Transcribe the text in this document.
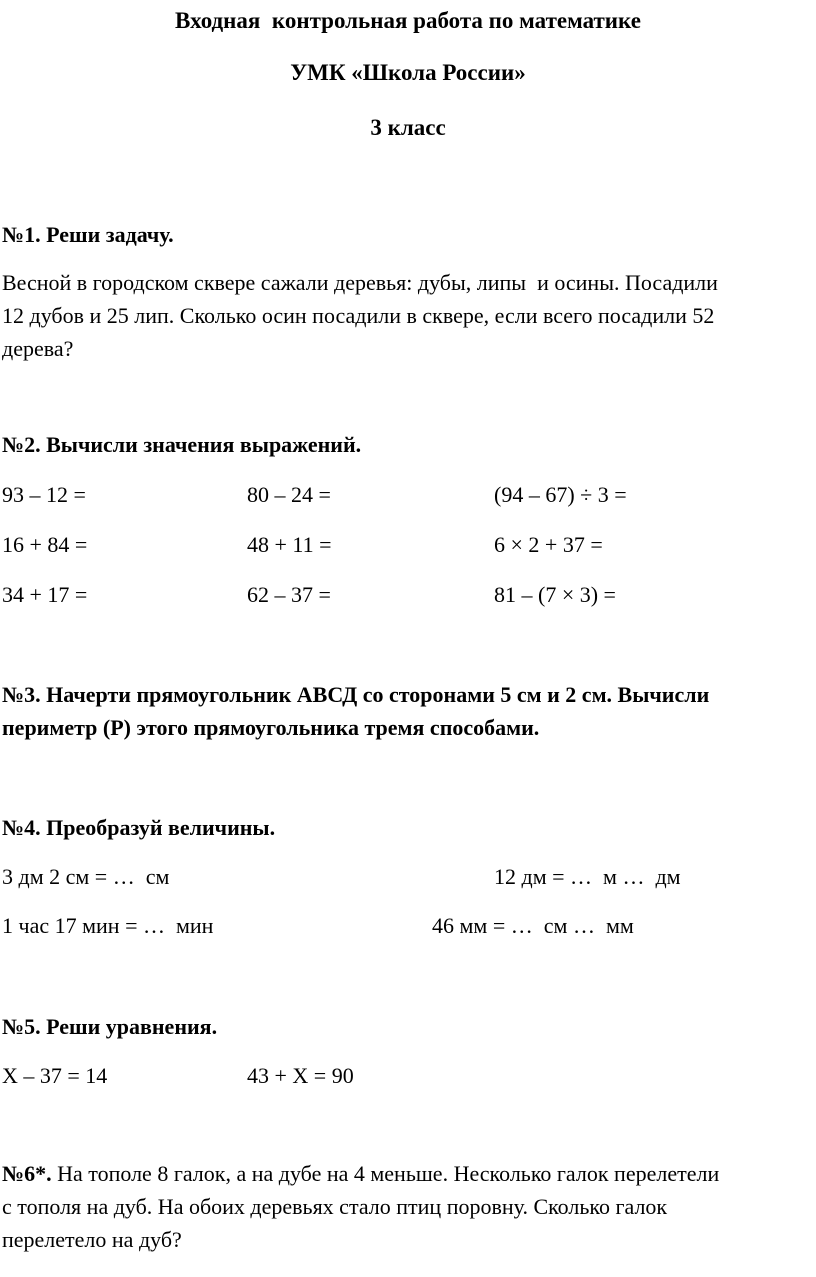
Входная  контрольная работа по математике
УМК «Школа России»
3 класс
№1. Реши задачу.
Весной в городском сквере сажали деревья: дубы, липы  и осины. Посадили
12 дубов и 25 лип. Сколько осин посадили в сквере, если всего посадили 52
дерева?
№2. Вычисли значения выражений.
93 – 12 =	80 – 24 =	(94 – 67) ÷ 3 =
16 + 84 =	48 + 11 =	6 × 2 + 37 =
34 + 17 =	62 – 37 =	81 – (7 × 3) =
№3. Начерти прямоугольник АВСД со сторонами 5 см и 2 см. Вычисли
периметр (Р) этого прямоугольника тремя способами.
№4. Преобразуй величины.
3 дм 2 см = …  см	12 дм = …  м …  дм
1 час 17 мин = …  мин	46 мм = …  см …  мм
№5. Реши уравнения.
Х – 37 = 14	43 + Х = 90
№6*. На тополе 8 галок, а на дубе на 4 меньше. Несколько галок перелетели
с тополя на дуб. На обоих деревьях стало птиц поровну. Сколько галок
перелетело на дуб?
